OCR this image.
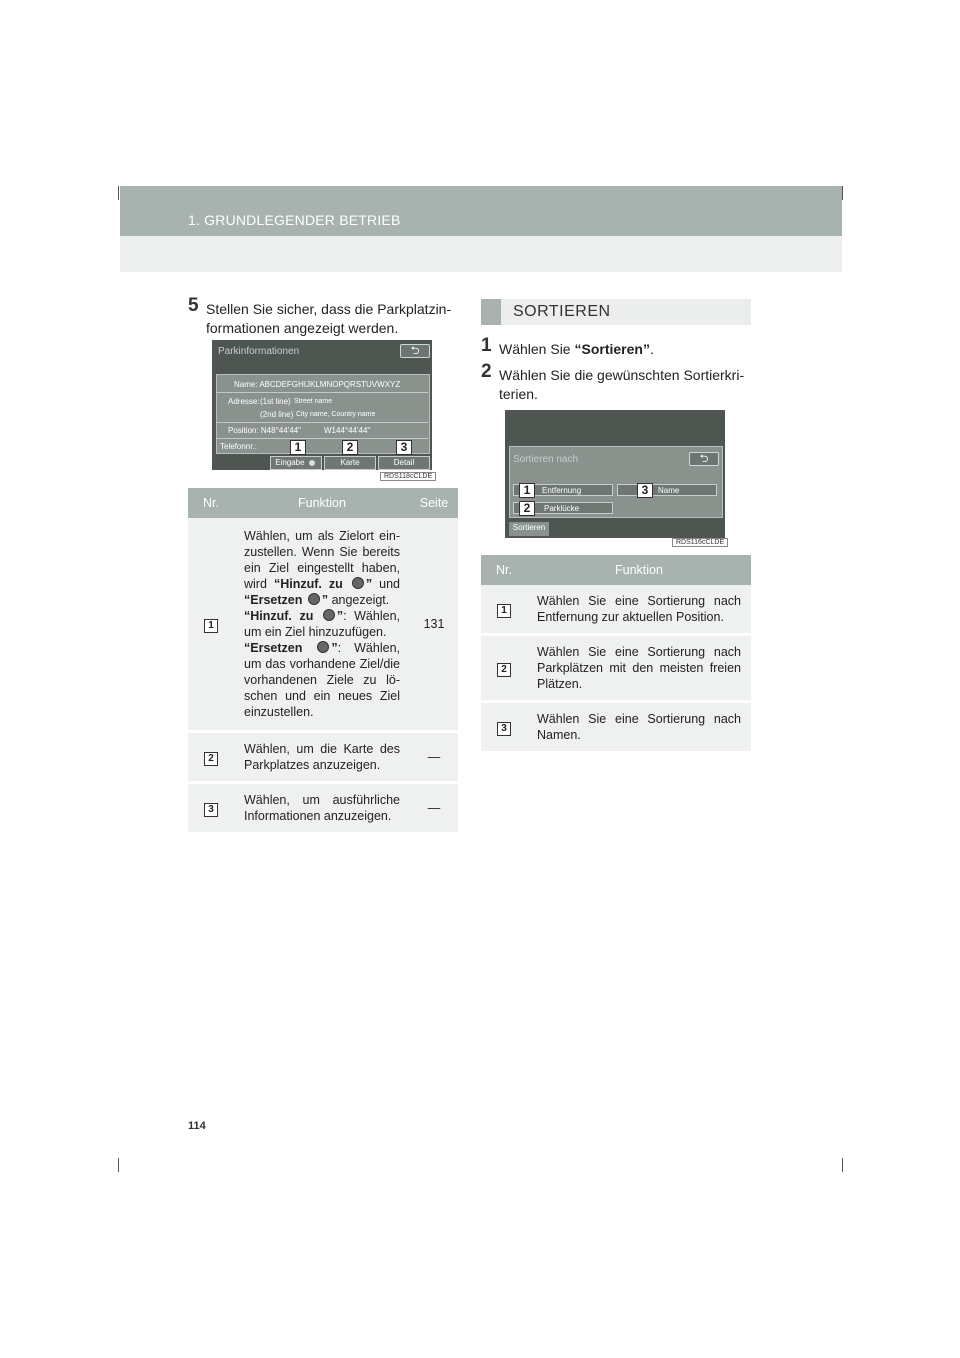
1. GRUNDLEGENDER BETRIEB
5 Stellen Sie sicher, dass die Parkplatzin-formationen angezeigt werden.
Parkinformationen	⮌
Name: ABCDEFGHIJKLMNOPQRSTUVWXYZ
Adresse: (1st line) Street name
(2nd line) City name, Country name
Position: N48°44'44"	W144°44'44"
Telefonnr.:
Eingabe	Karte	Detail
1	2	3
RDS118cCLDE
Nr.	Funktion	Seite
1	Wählen, um als Zielort ein-zustellen. Wenn Sie bereits ein Ziel eingestellt haben, wird “Hinzuf. zu ” und “Ersetzen ” angezeigt.
“Hinzuf. zu ”: Wählen, um ein Ziel hinzuzufügen.
“Ersetzen ”: Wählen, um das vorhandene Ziel/die vorhandenen Ziele zu lö-schen und ein neues Ziel einzustellen.	131
2	Wählen, um die Karte des Parkplatzes anzuzeigen.	—
3	Wählen, um ausführliche Informationen anzuzeigen.	—
SORTIEREN
1 Wählen Sie “Sortieren”.
2 Wählen Sie die gewünschten Sortierkri-terien.
Sortieren nach	⮌
Entfernung	Name
Parklücke
Sortieren
1	3
2
RDS116cCLDE
Nr.	Funktion
1	Wählen Sie eine Sortierung nach Entfernung zur aktuellen Position.
2	Wählen Sie eine Sortierung nach Parkplätzen mit den meisten freien Plätzen.
3	Wählen Sie eine Sortierung nach Namen.
114
